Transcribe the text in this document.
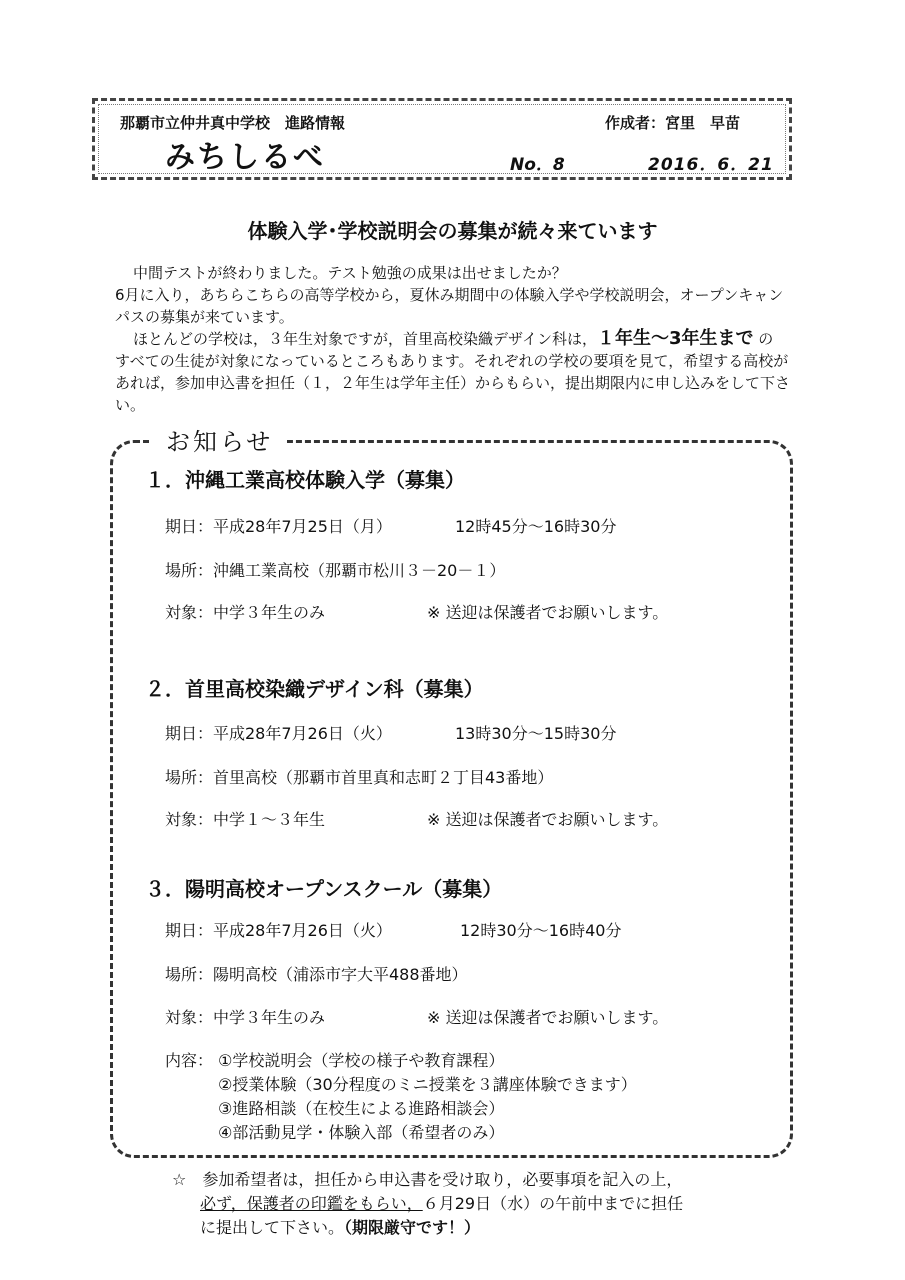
那覇市立仲井真中学校　進路情報	作成者：宮里　早苗
みちしるべ	No．8	2016．6．21
体験入学･学校説明会の募集が続々来ています
中間テストが終わりました。テスト勉強の成果は出せましたか？
6月に入り，あちらこちらの高等学校から，夏休み期間中の体験入学や学校説明会，オープンキャン
パスの募集が来ています。
ほとんどの学校は，３年生対象ですが，首里高校染織デザイン科は，１年生～3年生まで の
すべての生徒が対象になっているところもあります。それぞれの学校の要項を見て，希望する高校が
あれば，参加申込書を担任（１，２年生は学年主任）からもらい，提出期限内に申し込みをして下さ
い。
お知らせ
１．沖縄工業高校体験入学（募集）
期日：平成28年7月25日（月）	12時45分～16時30分
場所：沖縄工業高校（那覇市松川３－20－１）
対象：中学３年生のみ	※ 送迎は保護者でお願いします。
２．首里高校染織デザイン科（募集）
期日：平成28年7月26日（火）	13時30分～15時30分
場所：首里高校（那覇市首里真和志町２丁目43番地）
対象：中学１～３年生	※ 送迎は保護者でお願いします。
３．陽明高校オープンスクール（募集）
期日：平成28年7月26日（火）	12時30分～16時40分
場所：陽明高校（浦添市字大平488番地）
対象：中学３年生のみ	※ 送迎は保護者でお願いします。
内容： ①学校説明会（学校の様子や教育課程）
②授業体験（30分程度のミニ授業を３講座体験できます）
③進路相談（在校生による進路相談会）
④部活動見学・体験入部（希望者のみ）
☆　参加希望者は，担任から申込書を受け取り，必要事項を記入の上，
必ず，保護者の印鑑をもらい，６月29日（水）の午前中までに担任
に提出して下さい。（期限厳守です！）
